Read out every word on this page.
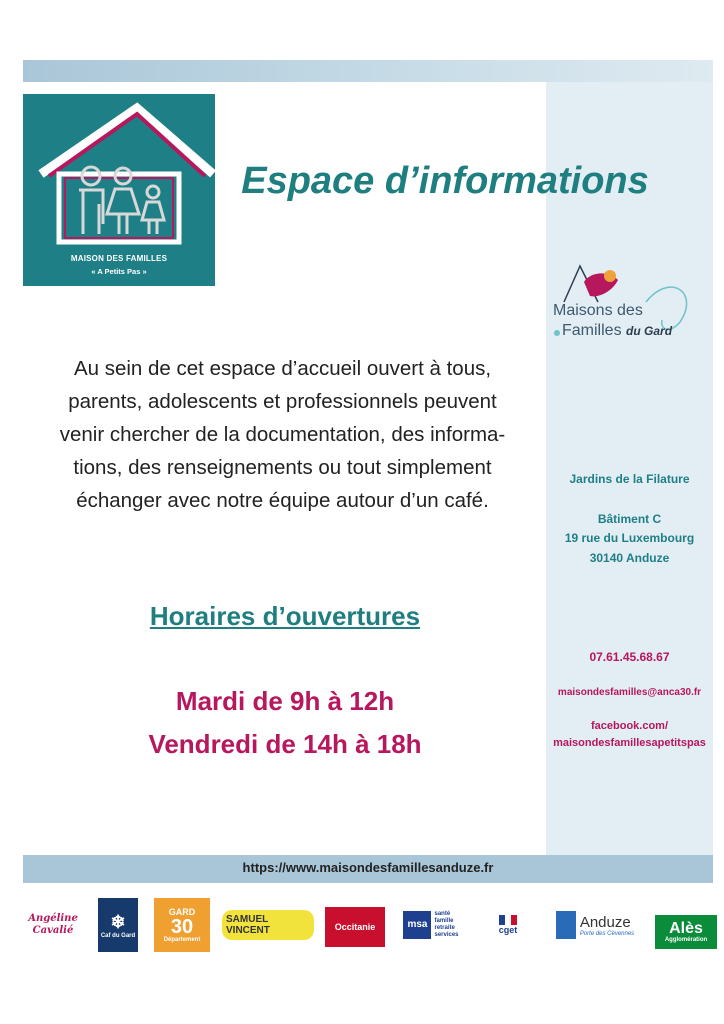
MAISON DES FAMILLES
« A Petits Pas »
Espace d’informations
Au sein de cet espace d’accueil ouvert à tous,
parents, adolescents et professionnels peuvent
venir chercher de la documentation, des informa-
tions, des renseignements ou tout simplement
échanger avec notre équipe autour d’un café.
Horaires d’ouvertures
Mardi de 9h à 12h
Vendredi de 14h à 18h
Maisons des
Familles du Gard
Jardins de la Filature
Bâtiment C
19 rue du Luxembourg
30140 Anduze
07.61.45.68.67
maisondesfamilles@anca30.fr
facebook.com/
maisondesfamillesapetitspas
https://www.maisondesfamillesanduze.fr
Angéline Cavalié	❄
Caf du Gard
GARD
30
Département
SAMUEL VINCENT	Occitanie	msa
santé
famille
retraite
services	cget	Anduze
Porte des Cévennes Alès
Agglomération
